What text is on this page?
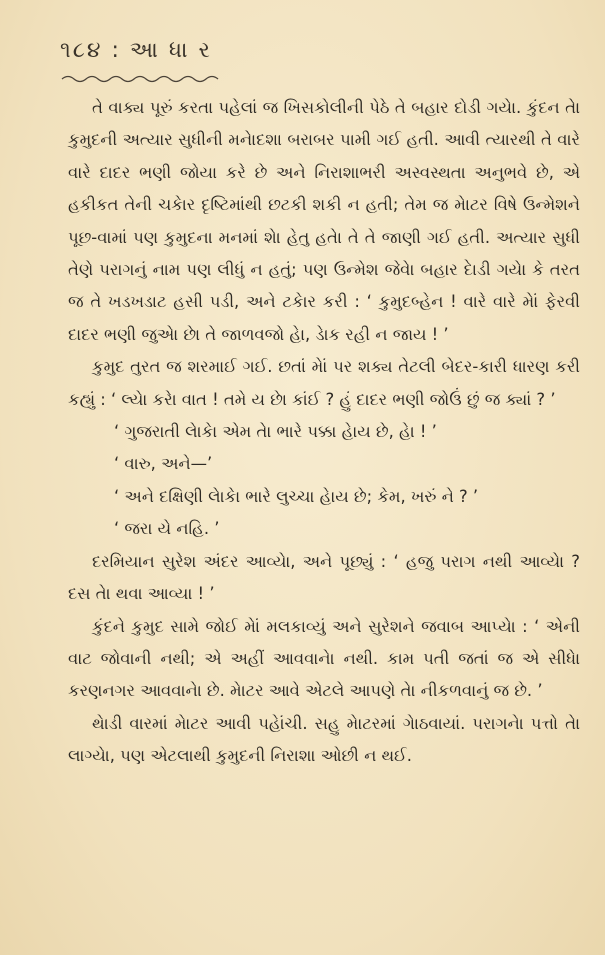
૧૮૪ : આ ધા ર

તે વાક્ય પૂરું કરતા પહેલાં જ ખિસકોલીની પેઠે તે બહાર દોડી ગયેા. કુંદન તેા કુમુદની અત્યાર સુધીની મનેાદશા બરાબર પામી ગઈ હતી. આવી ત્યારથી તે વારે વારે દાદર ભણી જોયા કરે છે અને નિરાશાભરી અસ્વસ્થતા અનુભવે છે, એ હકીકત તેની ચકેાર દૃષ્ટિમાંથી છટકી શકી ન હતી; તેમ જ મેાટર વિષે ઉન્મેશને પૂછ-વામાં પણ કુમુદના મનમાં શેા હેતુ હતેા તે તે જાણી ગઈ હતી. અત્યાર સુધી તેણે પરાગનું નામ પણ લીધું ન હતું; પણ ઉન્મેશ જેવેા બહાર દેાડી ગયેા કે તરત જ તે ખડખડાટ હસી પડી, અને ટકેાર કરી : ‘ કુમુદબ્હેન ! વારે વારે મેાં ફેરવી દાદર ભણી જુએા છેા તે જાળવજો હેા, ડેાક રહી ન જાય ! ’

કુમુદ તુરત જ શરમાઈ ગઈ. છતાં મેાં પર શક્ય તેટલી બેદર-કારી ધારણ કરી કહ્યું : ‘ લ્યેા કરેા વાત ! તમે ય છેા કાંઈ ? હું દાદર ભણી જોઉં છું જ ક્યાં ? ’

‘ ગુજરાતી લેાકેા એમ તેા ભારે પક્કા હેાય છે, હેા ! ’

‘ વારુ, અને—’

‘ અને દક્ષિણી લેાકેા ભારે લુચ્ચા હેાય છે; કેમ, ખરું ને ? ’

‘ જરા યે નહિ. ’

દરમિયાન સુરેશ અંદર આવ્યેા, અને પૂછ્યું : ‘ હજુ પરાગ નથી આવ્યેા ? દસ તેા થવા આવ્યા ! ’

કુંદને કુમુદ સામે જોઈ મેાં મલકાવ્યું અને સુરેશને જવાબ આપ્યેા : ‘ એની વાટ જોવાની નથી; એ અહીં આવવાનેા નથી. કામ પતી જતાં જ એ સીધેા કરણનગર આવવાનેા છે. મેાટર આવે એટલે આપણે તેા નીકળવાનું જ છે. ’

થેાડી વારમાં મેાટર આવી પહેાંચી. સહુ મેાટરમાં ગેાઠવાયાં. પરાગનેા પત્તો તેા લાગ્યેા, પણ એટલાથી કુમુદની નિરાશા ઓછી ન થઈ.
